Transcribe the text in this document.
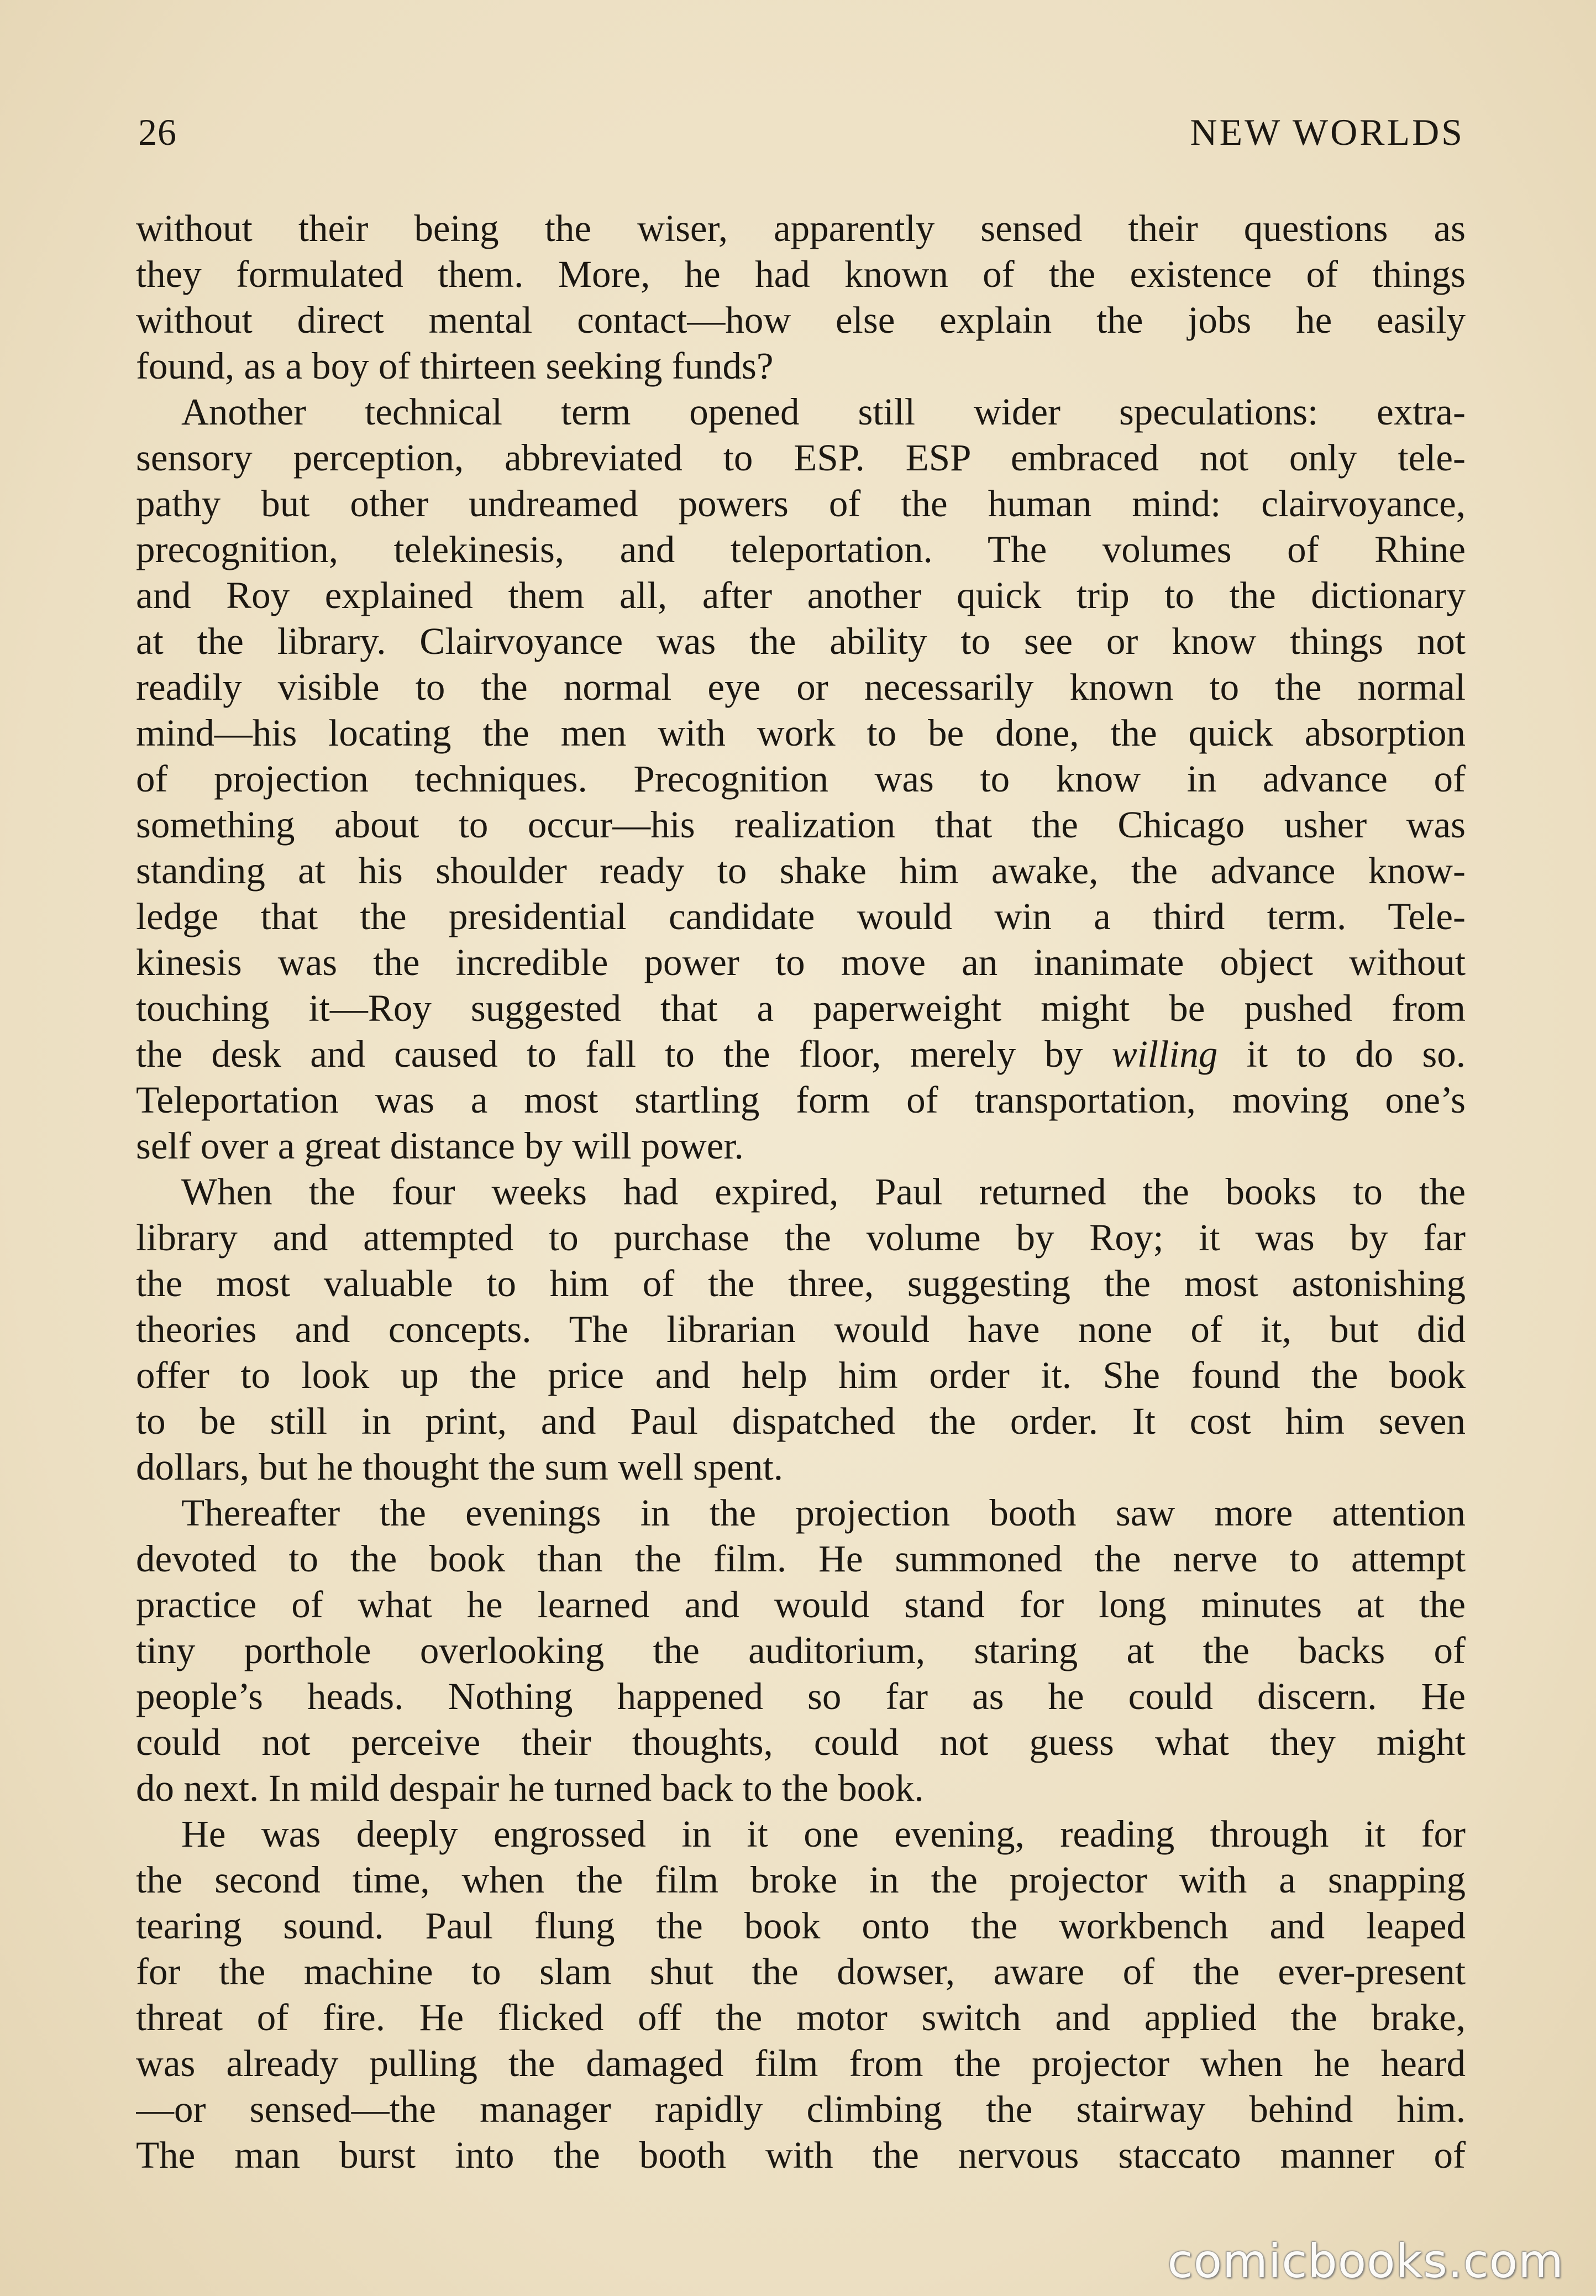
26	NEW WORLDS
without their being the wiser, apparently sensed their questions as
they formulated them. More, he had known of the existence of things
without direct mental contact—how else explain the jobs he easily
found, as a boy of thirteen seeking funds?
Another technical term opened still wider speculations: extra-
sensory perception, abbreviated to ESP. ESP embraced not only tele-
pathy but other undreamed powers of the human mind: clairvoyance,
precognition, telekinesis, and teleportation. The volumes of Rhine
and Roy explained them all, after another quick trip to the dictionary
at the library. Clairvoyance was the ability to see or know things not
readily visible to the normal eye or necessarily known to the normal
mind—his locating the men with work to be done, the quick absorption
of projection techniques. Precognition was to know in advance of
something about to occur—his realization that the Chicago usher was
standing at his shoulder ready to shake him awake, the advance know-
ledge that the presidential candidate would win a third term. Tele-
kinesis was the incredible power to move an inanimate object without
touching it—Roy suggested that a paperweight might be pushed from
the desk and caused to fall to the floor, merely by willing it to do so.
Teleportation was a most startling form of transportation, moving one’s
self over a great distance by will power.
When the four weeks had expired, Paul returned the books to the
library and attempted to purchase the volume by Roy; it was by far
the most valuable to him of the three, suggesting the most astonishing
theories and concepts. The librarian would have none of it, but did
offer to look up the price and help him order it. She found the book
to be still in print, and Paul dispatched the order. It cost him seven
dollars, but he thought the sum well spent.
Thereafter the evenings in the projection booth saw more attention
devoted to the book than the film. He summoned the nerve to attempt
practice of what he learned and would stand for long minutes at the
tiny porthole overlooking the auditorium, staring at the backs of
people’s heads. Nothing happened so far as he could discern. He
could not perceive their thoughts, could not guess what they might
do next. In mild despair he turned back to the book.
He was deeply engrossed in it one evening, reading through it for
the second time, when the film broke in the projector with a snapping
tearing sound. Paul flung the book onto the workbench and leaped
for the machine to slam shut the dowser, aware of the ever-present
threat of fire. He flicked off the motor switch and applied the brake,
was already pulling the damaged film from the projector when he heard
—or sensed—the manager rapidly climbing the stairway behind him.
The man burst into the booth with the nervous staccato manner of
comicbooks.com
